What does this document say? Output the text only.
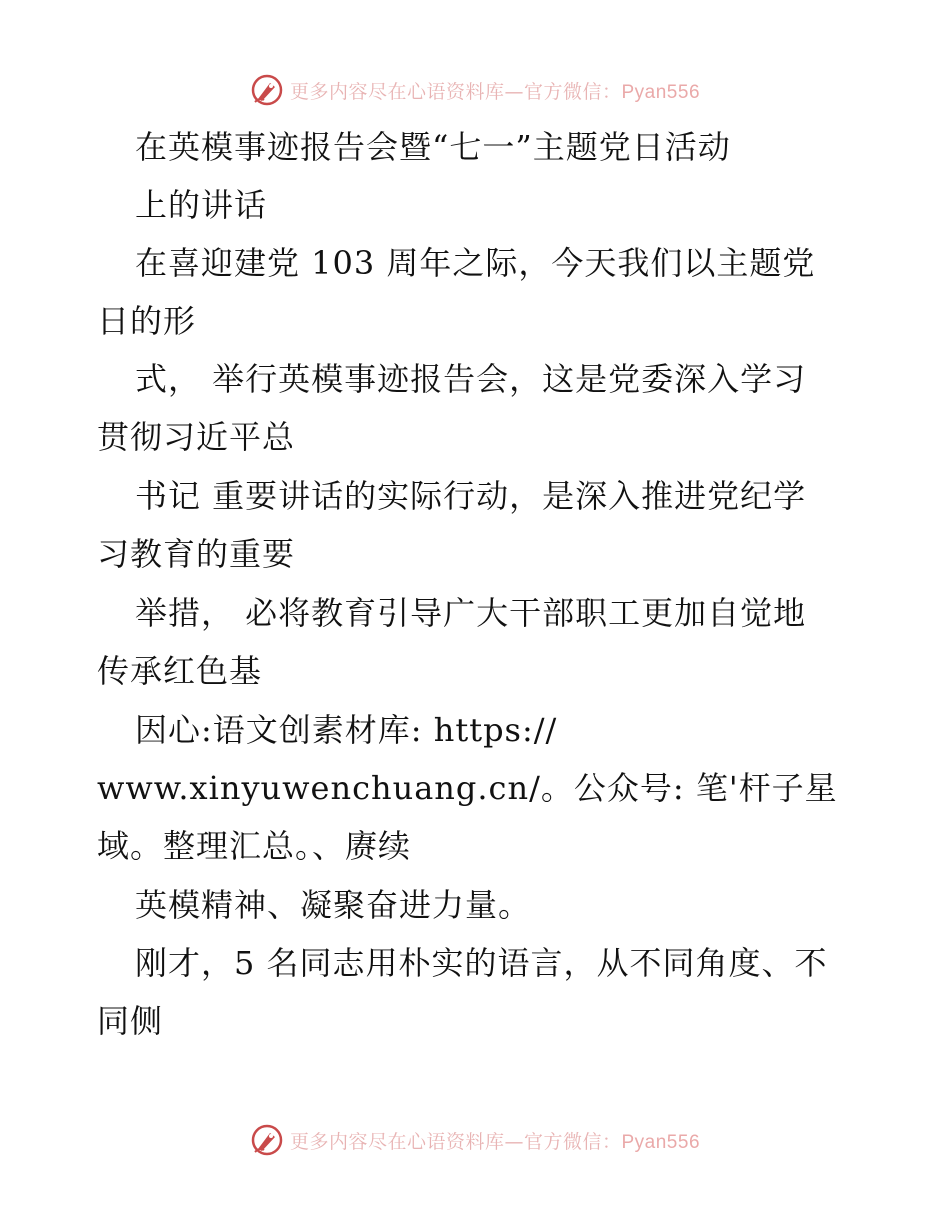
更多内容尽在心语资料库—官方微信：Pyan556
在英模事迹报告会暨“七一”主题党日活动
上的讲话
在喜迎建党 103 周年之际，今天我们以主题党
日的形
式， 举行英模事迹报告会，这是党委深入学习
贯彻习近平总
书记 重要讲话的实际行动，是深入推进党纪学
习教育的重要
举措， 必将教育引导广大干部职工更加自觉地
传承红色基
因心:语文创素材库: https://
www.xinyuwenchuang.cn/。公众号: 笔'杆子星
域。整理汇总。、赓续
英模精神、凝聚奋进力量。
刚才，5 名同志用朴实的语言，从不同角度、不
同侧
更多内容尽在心语资料库—官方微信：Pyan556
